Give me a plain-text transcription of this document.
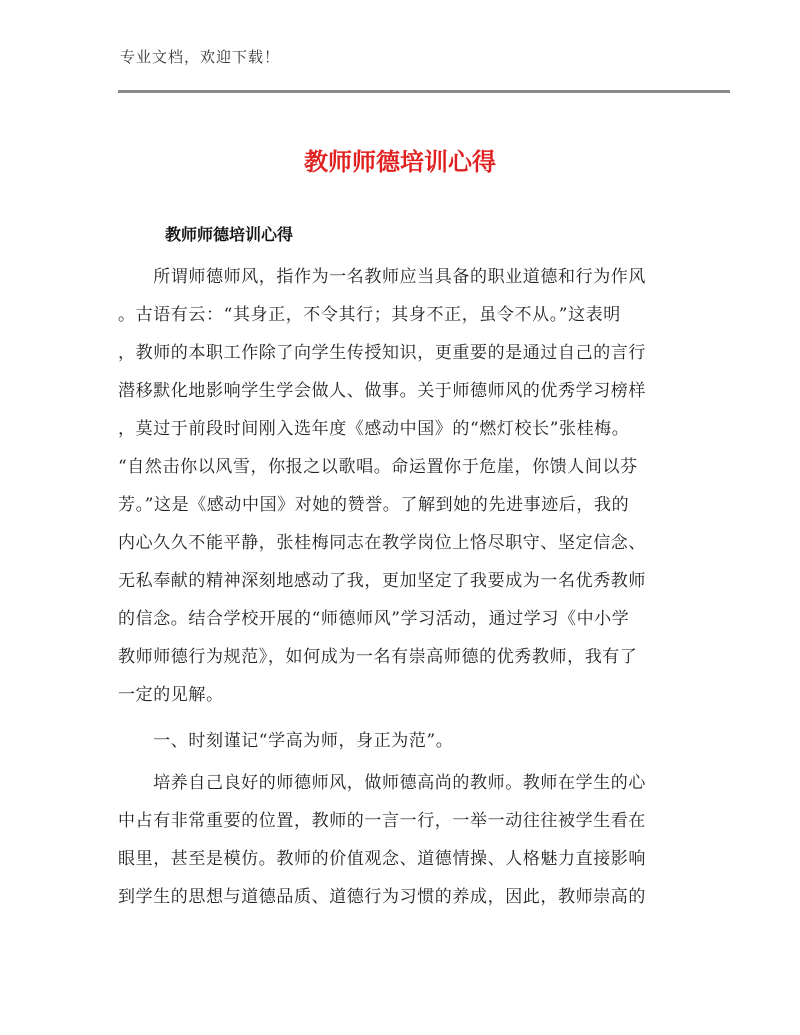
专业文档，欢迎下载！
教师师德培训心得
教师师德培训心得
　　所谓师德师风，指作为一名教师应当具备的职业道德和行为作风
。古语有云：“其身正，不令其行；其身不正，虽令不从。”这表明
，教师的本职工作除了向学生传授知识，更重要的是通过自己的言行
潜移默化地影响学生学会做人、做事。关于师德师风的优秀学习榜样
，莫过于前段时间刚入选年度《感动中国》的“燃灯校长”张桂梅。
“自然击你以风雪，你报之以歌唱。命运置你于危崖，你馈人间以芬
芳。”这是《感动中国》对她的赞誉。了解到她的先进事迹后，我的
内心久久不能平静，张桂梅同志在教学岗位上恪尽职守、坚定信念、
无私奉献的精神深刻地感动了我，更加坚定了我要成为一名优秀教师
的信念。结合学校开展的“师德师风”学习活动，通过学习《中小学
教师师德行为规范》，如何成为一名有崇高师德的优秀教师，我有了
一定的见解。
　　一、时刻谨记“学高为师，身正为范”。
　　培养自己良好的师德师风，做师德高尚的教师。教师在学生的心
中占有非常重要的位置，教师的一言一行，一举一动往往被学生看在
眼里，甚至是模仿。教师的价值观念、道德情操、人格魅力直接影响
到学生的思想与道德品质、道德行为习惯的养成，因此，教师崇高的
